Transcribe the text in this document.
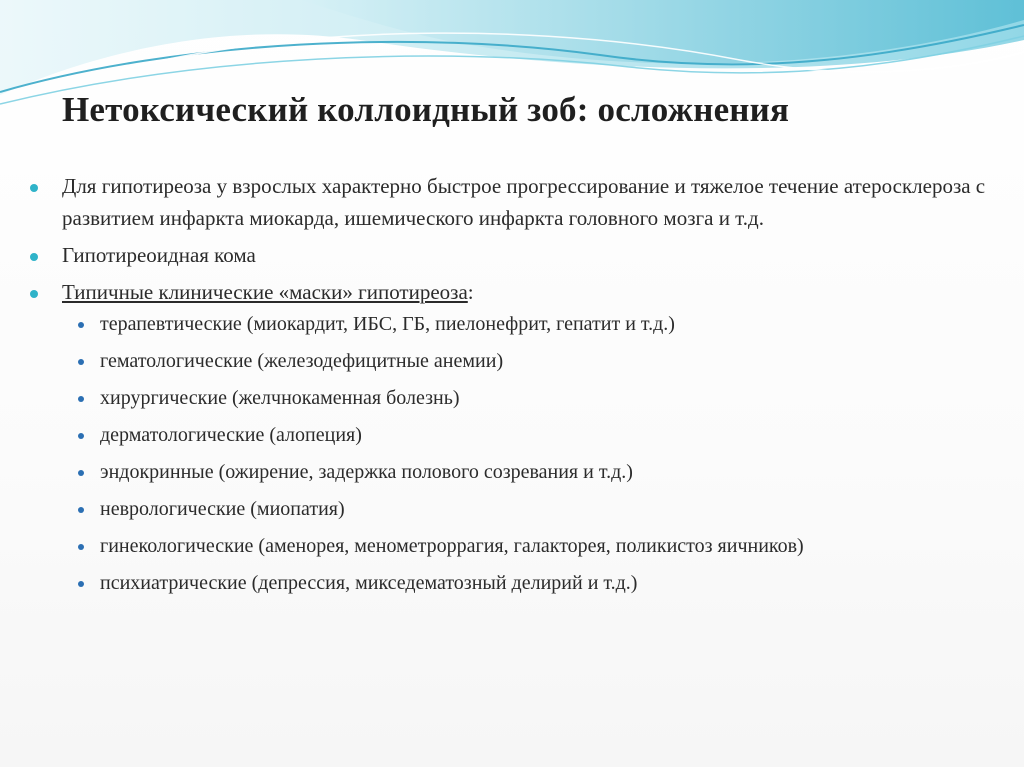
Нетоксический коллоидный зоб: осложнения
Для гипотиреоза у взрослых характерно быстрое прогрессирование и тяжелое течение атеросклероза с развитием инфаркта миокарда, ишемического инфаркта головного мозга и т.д.
Гипотиреоидная кома
Типичные клинические «маски» гипотиреоза:
терапевтические (миокардит, ИБС, ГБ, пиелонефрит, гепатит и т.д.)
гематологические (железодефицитные анемии)
хирургические (желчнокаменная болезнь)
дерматологические (алопеция)
эндокринные (ожирение, задержка полового созревания и т.д.)
неврологические (миопатия)
гинекологические (аменорея, менометроррагия, галакторея, поликистоз яичников)
психиатрические (депрессия, микседематозный делирий и т.д.)
